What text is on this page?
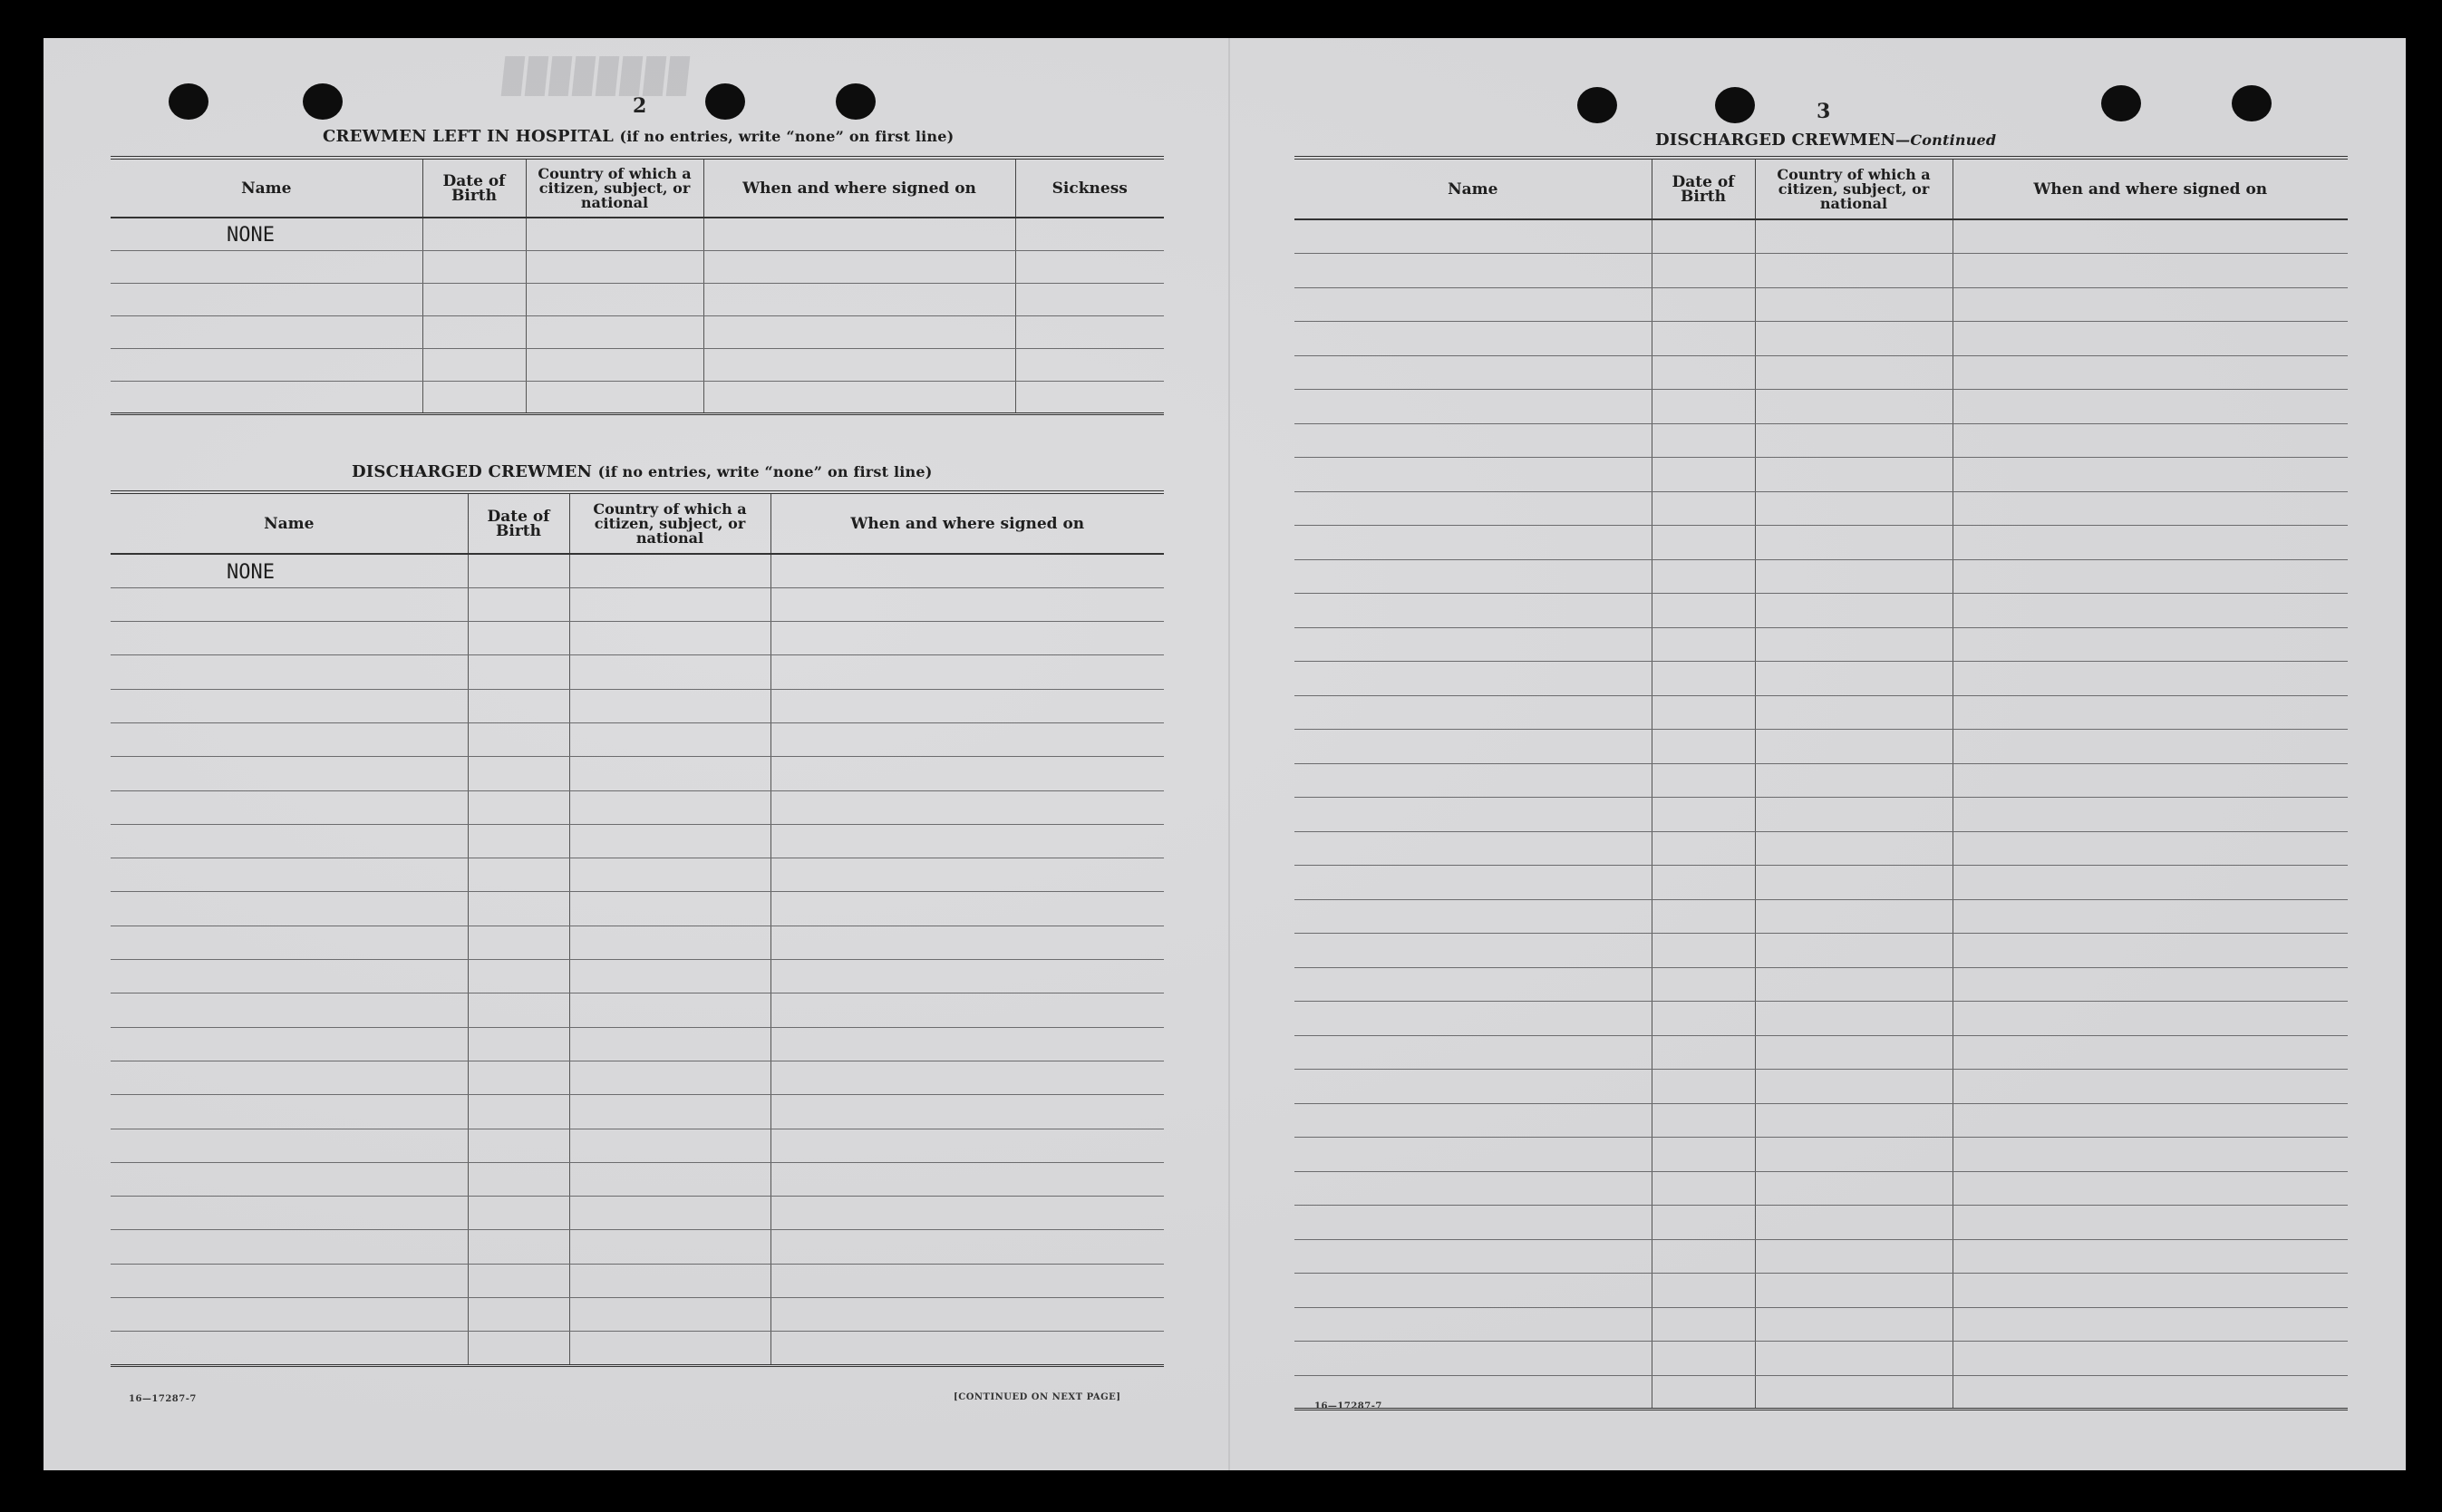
2
CREWMEN LEFT IN HOSPITAL (if no entries, write “none” on first line)
Name	Date of Birth	Country of which a citizen, subject, or national	When and where signed on	Sickness
NONE				

DISCHARGED CREWMEN (if no entries, write “none” on first line)
Name	Date of Birth	Country of which a citizen, subject, or national	When and where signed on
NONE			

16—17287-7	[CONTINUED ON NEXT PAGE]
3
DISCHARGED CREWMEN—Continued
Name	Date of Birth	Country of which a citizen, subject, or national	When and where signed on

16—17287-7
